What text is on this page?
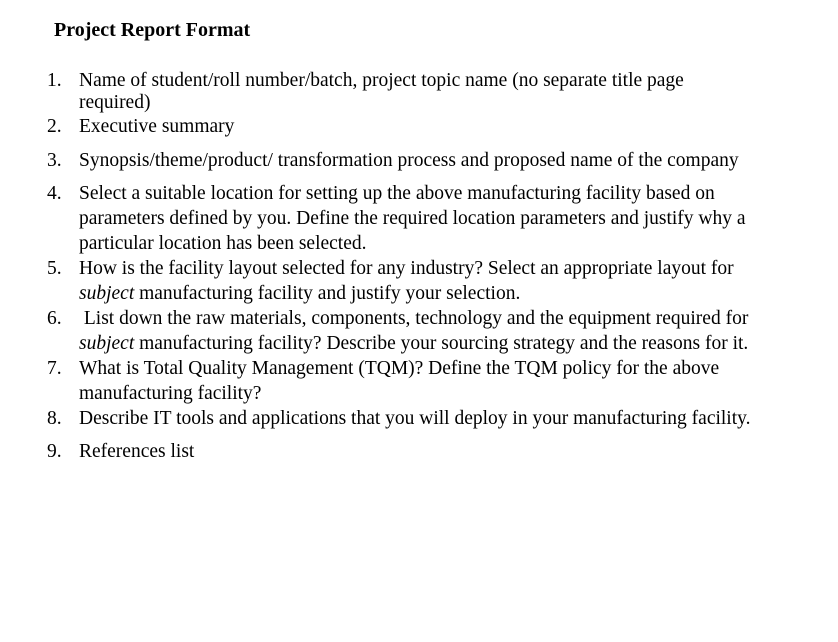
Project Report Format
1. Name of student/roll number/batch, project topic name (no separate title page
required)
2. Executive summary
3. Synopsis/theme/product/ transformation process and proposed name of the company
4. Select a suitable location for setting up the above manufacturing facility based on
parameters defined by you. Define the required location parameters and justify why a
particular location has been selected.
5. How is the facility layout selected for any industry? Select an appropriate layout for
subject manufacturing facility and justify your selection.
6. List down the raw materials, components, technology and the equipment required for
subject manufacturing facility? Describe your sourcing strategy and the reasons for it.
7. What is Total Quality Management (TQM)? Define the TQM policy for the above
manufacturing facility?
8. Describe IT tools and applications that you will deploy in your manufacturing facility.
9. References list
